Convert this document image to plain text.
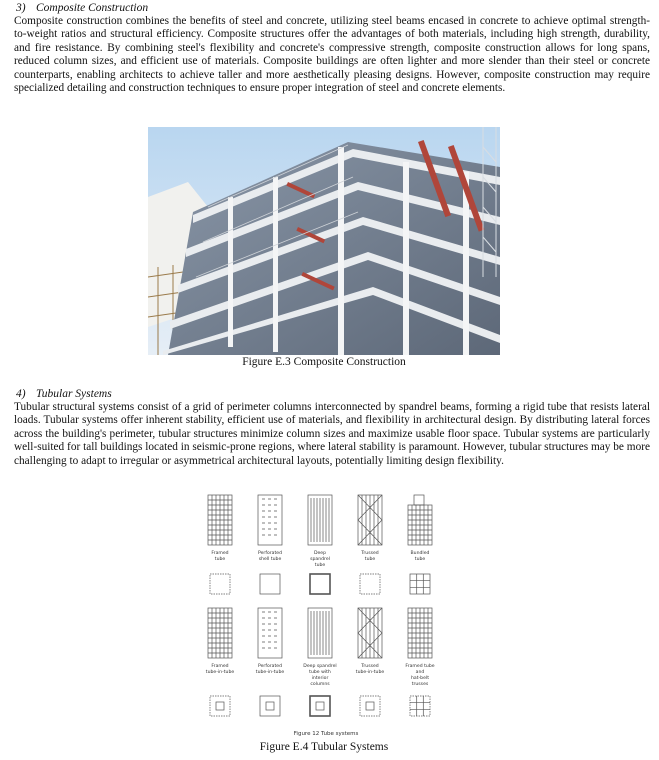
3) Composite Construction

Composite construction combines the benefits of steel and concrete, utilizing steel beams encased in concrete to achieve optimal strength-to-weight ratios and structural efficiency. Composite structures offer the advantages of both materials, including high strength, durability, and fire resistance. By combining steel's flexibility and concrete's compressive strength, composite construction allows for long spans, reduced column sizes, and efficient use of materials. Composite buildings are often lighter and more slender than their steel or concrete counterparts, enabling architects to achieve taller and more aesthetically pleasing designs. However, composite construction may require specialized detailing and construction techniques to ensure proper integration of steel and concrete elements.

Figure E.3 Composite Construction
4) Tubular Systems

Tubular structural systems consist of a grid of perimeter columns interconnected by spandrel beams, forming a rigid tube that resists lateral loads. Tubular systems offer inherent stability, efficient use of materials, and flexibility in architectural design. By distributing lateral forces across the building's perimeter, tubular structures minimize column sizes and maximize usable floor space. Tubular systems are particularly well-suited for tall buildings located in seismic-prone regions, where lateral stability is paramount. However, tubular structures may be more challenging to adapt to irregular or asymmetrical architectural layouts, potentially limiting design flexibility.

Framed tube
Perforated shell tube
Deep spandrel tube
Trussed tube
Bundled tube
Framed tube-in-tube
Perforated tube-in-tube
Deep spandrel tube with interior columns
Trussed tube-in-tube
Framed tube and hat-belt trusses
Figure 12 Tube systems
Figure E.4 Tubular Systems
